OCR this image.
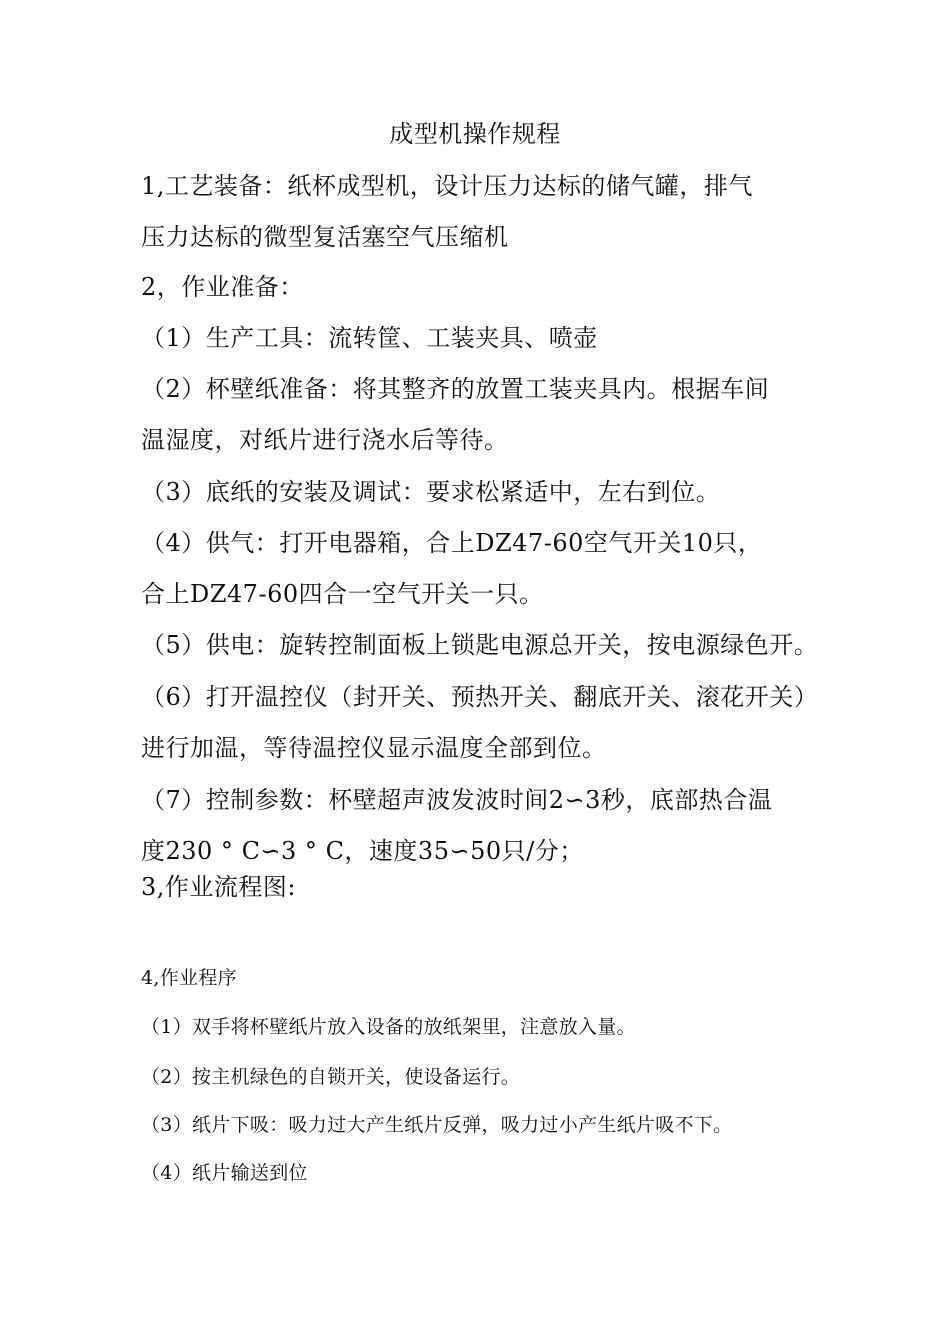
成型机操作规程
1,工艺装备：纸杯成型机，设计压力达标的储气罐，排气
压力达标的微型复活塞空气压缩机
2，作业准备：
（1）生产工具：流转筐、工装夹具、喷壶
（2）杯壁纸准备：将其整齐的放置工装夹具内。根据车间
温湿度，对纸片进行浇水后等待。
（3）底纸的安装及调试：要求松紧适中，左右到位。
（4）供气：打开电器箱，合上DZ47-60空气开关10只，
合上DZ47-60四合一空气开关一只。
（5）供电：旋转控制面板上锁匙电源总开关，按电源绿色开。
（6）打开温控仪（封开关、预热开关、翻底开关、滚花开关）
进行加温，等待温控仪显示温度全部到位。
（7）控制参数：杯壁超声波发波时间2∽3秒，底部热合温
度230 ° C∽3 ° C，速度35∽50只/分；
3,作业流程图:
4,作业程序
（1）双手将杯壁纸片放入设备的放纸架里，注意放入量。
（2）按主机绿色的自锁开关，使设备运行。
（3）纸片下吸：吸力过大产生纸片反弹，吸力过小产生纸片吸不下。
（4）纸片输送到位
